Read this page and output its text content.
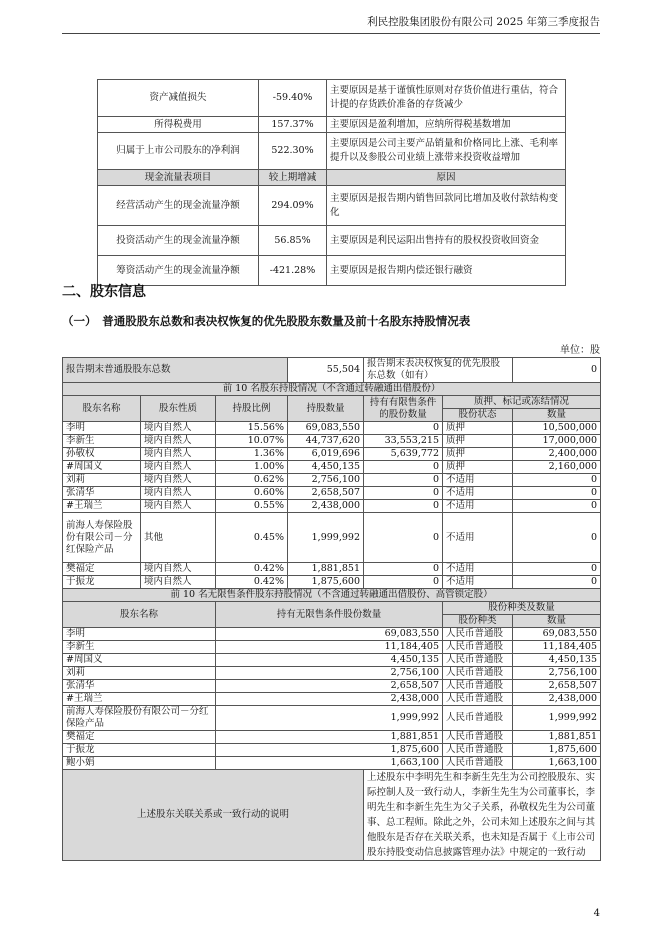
利民控股集团股份有限公司 2025 年第三季度报告
资产减值损失	-59.40%	主要原因是基于谨慎性原则对存货价值进行重估，符合计提的存货跌价准备的存货减少
所得税费用	157.37%	主要原因是盈利增加，应纳所得税基数增加
归属于上市公司股东的净利润	522.30%	主要原因是公司主要产品销量和价格同比上涨、毛利率提升以及参股公司业绩上涨带来投资收益增加
现金流量表项目	较上期增减	原因
经营活动产生的现金流量净额	294.09%	主要原因是报告期内销售回款同比增加及收付款结构变化
投资活动产生的现金流量净额	56.85%	主要原因是利民运阳出售持有的股权投资收回资金
筹资活动产生的现金流量净额	-421.28%	主要原因是报告期内偿还银行融资
二、股东信息
（一）　普通股股东总数和表决权恢复的优先股股东数量及前十名股东持股情况表
单位：股
报告期末普通股股东总数			55,504	报告期末表决权恢复的优先股股东总数（如有）		0
前 10 名股东持股情况（不含通过转融通出借股份）						
股东名称	股东性质	持股比例	持股数量	持有有限售条件的股份数量	质押、标记或冻结情况	
					股份状态	数量
李明	境内自然人	15.56%	69,083,550	0	质押	10,500,000
李新生	境内自然人	10.07%	44,737,620	33,553,215	质押	17,000,000
孙敬权	境内自然人	1.36%	6,019,696	5,639,772	质押	2,400,000
#周国义	境内自然人	1.00%	4,450,135	0	质押	2,160,000
刘莉	境内自然人	0.62%	2,756,100	0	不适用	0
张清华	境内自然人	0.60%	2,658,507	0	不适用	0
#王瑞兰	境内自然人	0.55%	2,438,000	0	不适用	0
前海人寿保险股份有限公司－分红保险产品	其他	0.45%	1,999,992	0	不适用	0
樊福定	境内自然人	0.42%	1,881,851	0	不适用	0
于振龙	境内自然人	0.42%	1,875,600	0	不适用	0
前 10 名无限售条件股东持股情况（不含通过转融通出借股份、高管锁定股）						
股东名称		持有无限售条件股份数量			股份种类及数量	
					股份种类	数量
李明		69,083,550			人民币普通股	69,083,550
李新生		11,184,405			人民币普通股	11,184,405
#周国义		4,450,135			人民币普通股	4,450,135
刘莉		2,756,100			人民币普通股	2,756,100
张清华		2,658,507			人民币普通股	2,658,507
#王瑞兰		2,438,000			人民币普通股	2,438,000
前海人寿保险股份有限公司－分红保险产品		1,999,992			人民币普通股	1,999,992
樊福定		1,881,851			人民币普通股	1,881,851
于振龙		1,875,600			人民币普通股	1,875,600
鲍小娟		1,663,100			人民币普通股	1,663,100
上述股东关联关系或一致行动的说明				上述股东中李明先生和李新生先生为公司控股股东、实际控制人及一致行动人，李新生先生为公司董事长，李明先生和李新生先生为父子关系，孙敬权先生为公司董事、总工程师。除此之外，公司未知上述股东之间与其他股东是否存在关联关系，也未知是否属于《上市公司股东持股变动信息披露管理办法》中规定的一致行动		
4
